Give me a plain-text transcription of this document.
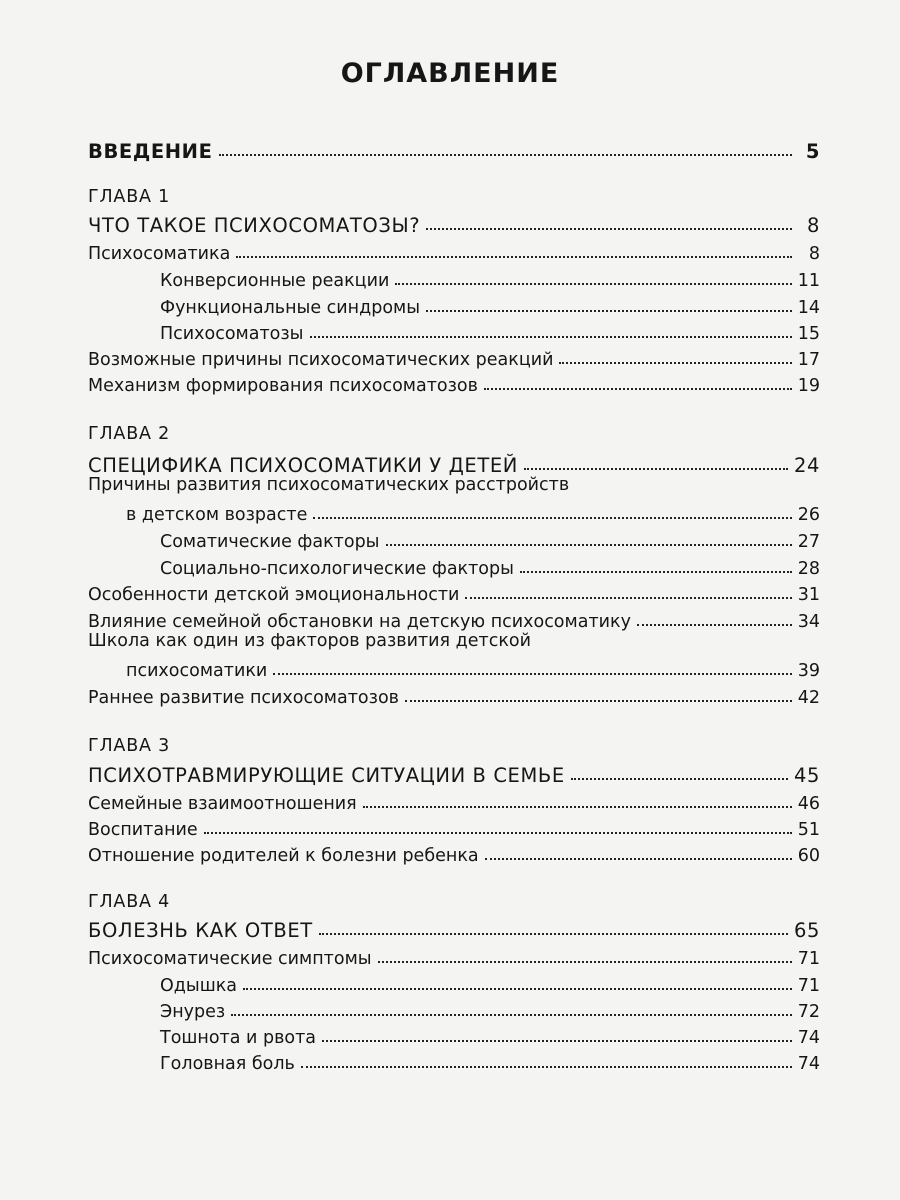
ОГЛАВЛЕНИЕ
ВВЕДЕНИЕ	5
ГЛАВА 1
ЧТО ТАКОЕ ПСИХОСОМАТОЗЫ?	8
Психосоматика	8
Конверсионные реакции	11
Функциональные синдромы	14
Психосоматозы	15
Возможные причины психосоматических реакций	17
Механизм формирования психосоматозов	19
ГЛАВА 2
СПЕЦИФИКА ПСИХОСОМАТИКИ У ДЕТЕЙ	24
Причины развития психосоматических расстройств
в детском возрасте	26
Соматические факторы	27
Социально-психологические факторы	28
Особенности детской эмоциональности	31
Влияние семейной обстановки на детскую психосоматику	34
Школа как один из факторов развития детской
психосоматики	39
Раннее развитие психосоматозов	42
ГЛАВА 3
ПСИХОТРАВМИРУЮЩИЕ СИТУАЦИИ В СЕМЬЕ	45
Семейные взаимоотношения	46
Воспитание	51
Отношение родителей к болезни ребенка	60
ГЛАВА 4
БОЛЕЗНЬ КАК ОТВЕТ	65
Психосоматические симптомы	71
Одышка	71
Энурез	72
Тошнота и рвота	74
Головная боль	74
